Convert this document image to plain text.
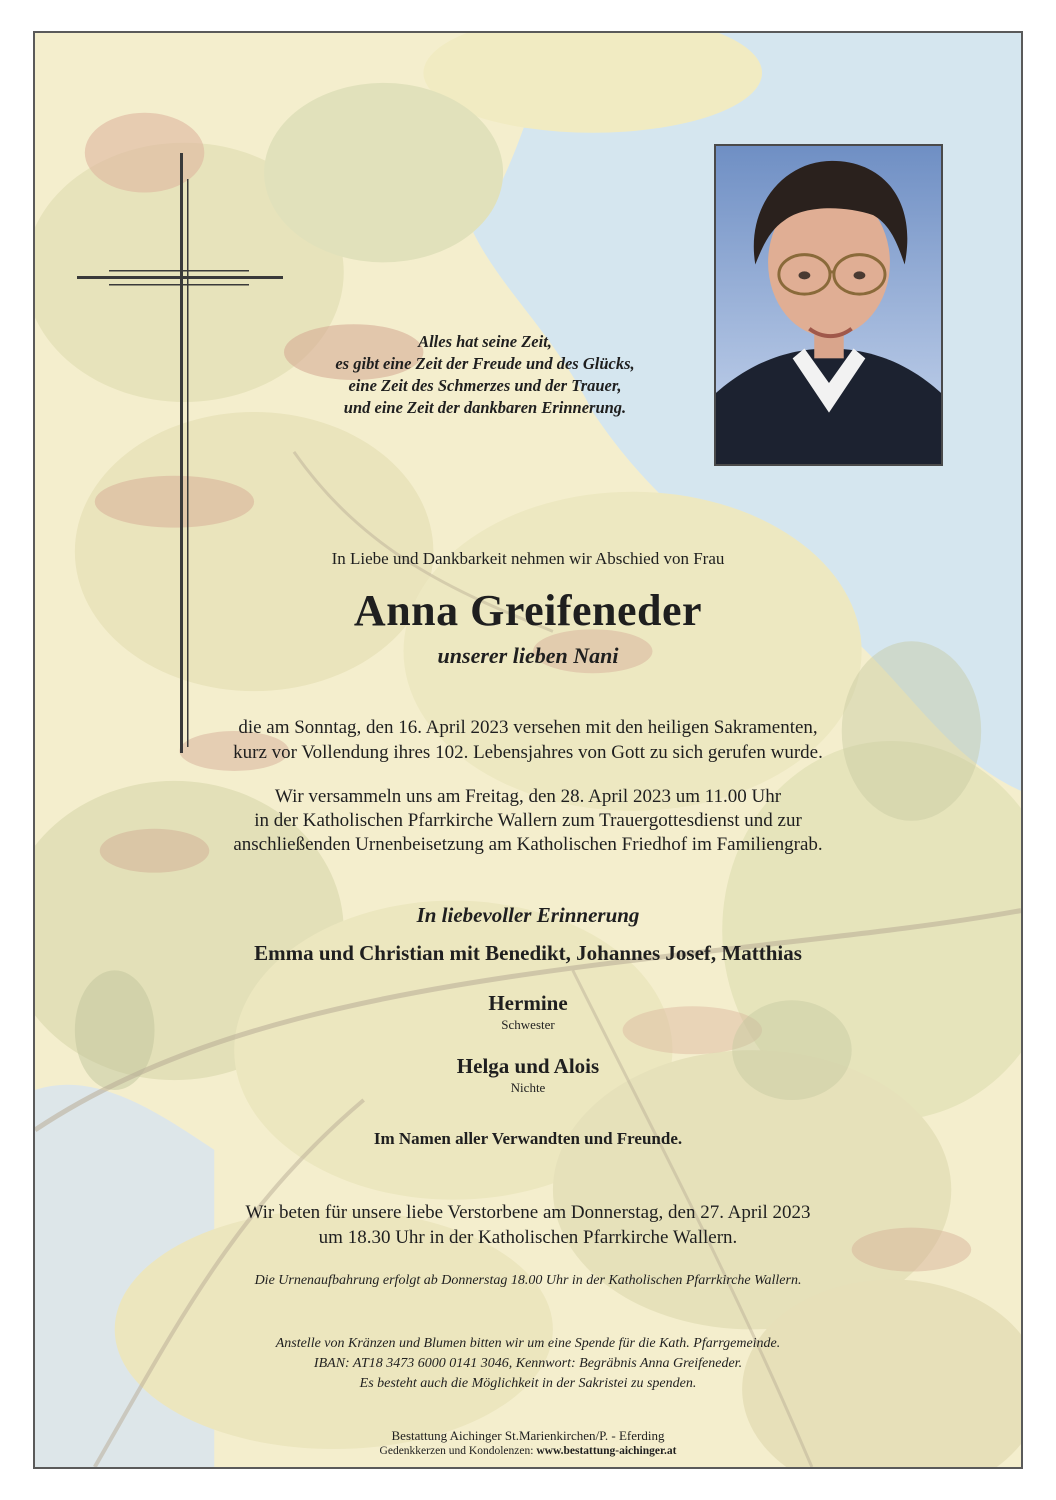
Alles hat seine Zeit,
es gibt eine Zeit der Freude und des Glücks,
eine Zeit des Schmerzes und der Trauer,
und eine Zeit der dankbaren Erinnerung.
In Liebe und Dankbarkeit nehmen wir Abschied von Frau
Anna Greifeneder
unserer lieben Nani
die am Sonntag, den 16. April 2023 versehen mit den heiligen Sakramenten,
kurz vor Vollendung ihres 102. Lebensjahres von Gott zu sich gerufen wurde.
Wir versammeln uns am Freitag, den 28. April 2023 um 11.00 Uhr
in der Katholischen Pfarrkirche Wallern zum Trauergottesdienst und zur
anschließenden Urnenbeisetzung am Katholischen Friedhof im Familiengrab.
In liebevoller Erinnerung
Emma und Christian mit Benedikt, Johannes Josef, Matthias
Hermine
Schwester
Helga und Alois
Nichte
Im Namen aller Verwandten und Freunde.
Wir beten für unsere liebe Verstorbene am Donnerstag, den 27. April 2023
um 18.30 Uhr in der Katholischen Pfarrkirche Wallern.
Die Urnenaufbahrung erfolgt ab Donnerstag 18.00 Uhr in der Katholischen Pfarrkirche Wallern.
Anstelle von Kränzen und Blumen bitten wir um eine Spende für die Kath. Pfarrgemeinde.
IBAN: AT18 3473 6000 0141 3046, Kennwort: Begräbnis Anna Greifeneder.
Es besteht auch die Möglichkeit in der Sakristei zu spenden.
Bestattung Aichinger St.Marienkirchen/P. - Eferding
Gedenkkerzen und Kondolenzen: www.bestattung-aichinger.at
